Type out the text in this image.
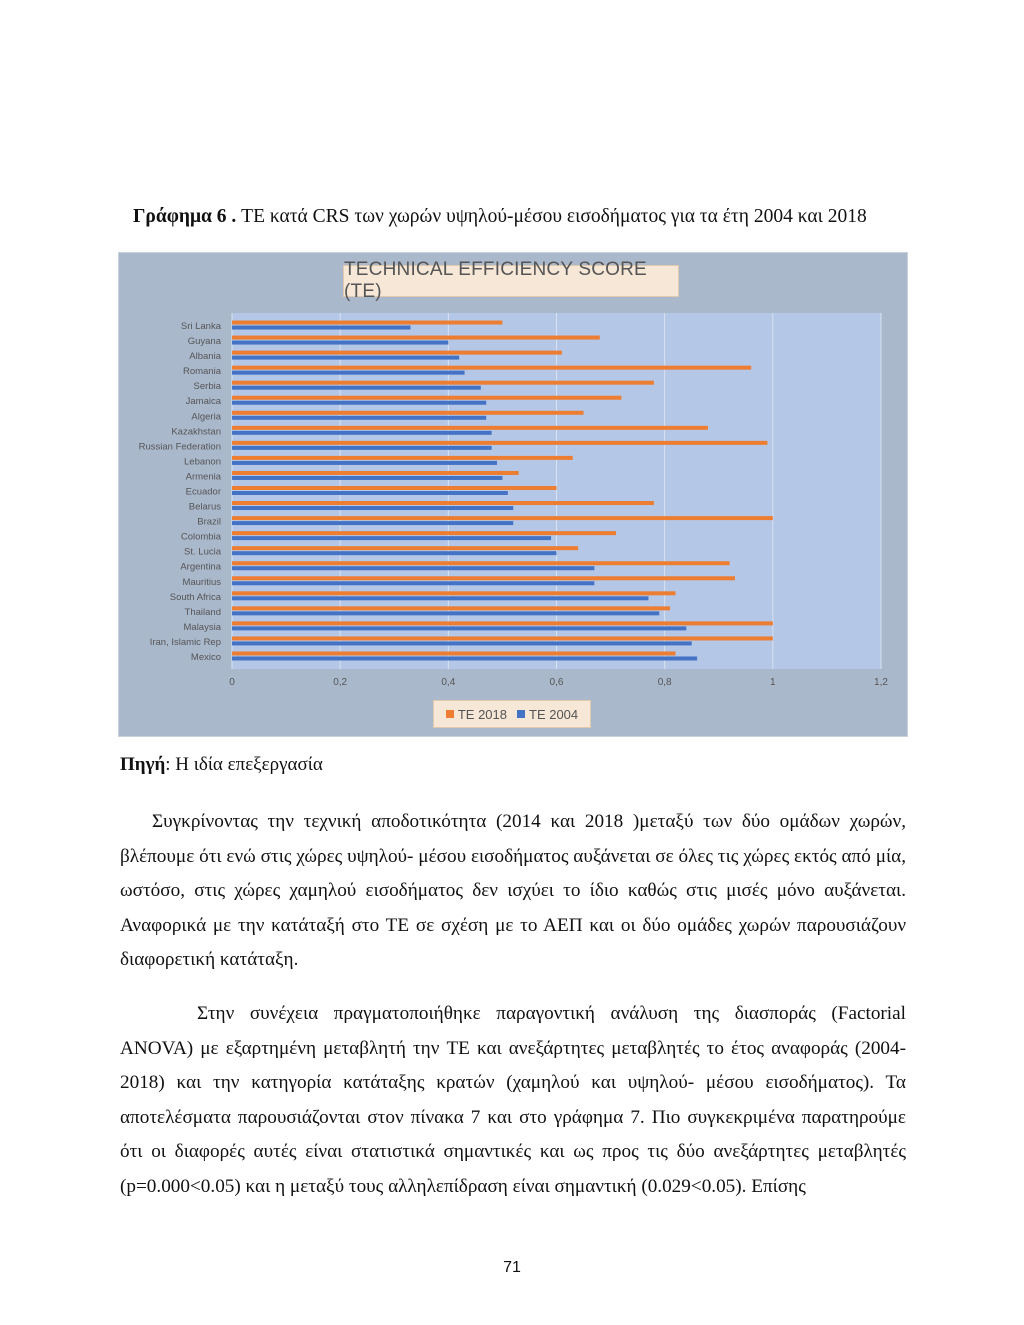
Γράφημα 6 . TE κατά CRS των χωρών υψηλού-μέσου εισοδήματος για τα έτη 2004 και 2018
0	0,2	0,4	0,6	0,8	1	1,2
Sri Lanka
Guyana
Albania
Romania
Serbia
Jamaica
Algeria
Kazakhstan
Russian Federation
Lebanon
Armenia
Ecuador
Belarus
Brazil
Colombia
St. Lucia
Argentina
Mauritius
South Africa
Thailand
Malaysia
Iran, Islamic Rep
Mexico
TECHNICAL EFFICIENCY SCORE (TE)
TE 2018 TE 2004
Πηγή: Η ιδία επεξεργασία

Συγκρίνοντας την τεχνική αποδοτικότητα (2014 και 2018 )μεταξύ των δύο ομάδων χωρών, βλέπουμε ότι ενώ στις χώρες υψηλού- μέσου εισοδήματος αυξάνεται σε όλες τις χώρες εκτός από μία, ωστόσο, στις χώρες χαμηλού εισοδήματος δεν ισχύει το ίδιο καθώς στις μισές μόνο αυξάνεται. Αναφορικά με την κατάταξή στο ΤΕ σε σχέση με το ΑΕΠ και οι δύο ομάδες χωρών παρουσιάζουν διαφορετική κατάταξη.

Στην συνέχεια πραγματοποιήθηκε παραγοντική ανάλυση της διασποράς (Factorial ANOVA) με εξαρτημένη μεταβλητή την TE και ανεξάρτητες μεταβλητές το έτος αναφοράς (2004-2018) και την κατηγορία κατάταξης κρατών (χαμηλού και υψηλού- μέσου εισοδήματος). Τα αποτελέσματα παρουσιάζονται στον πίνακα 7 και στο γράφημα 7. Πιο συγκεκριμένα παρατηρούμε ότι οι διαφορές αυτές είναι στατιστικά σημαντικές και ως προς τις δύο ανεξάρτητες μεταβλητές (p=0.000<0.05) και η μεταξύ τους αλληλεπίδραση είναι σημαντική (0.029<0.05). Επίσης

71
